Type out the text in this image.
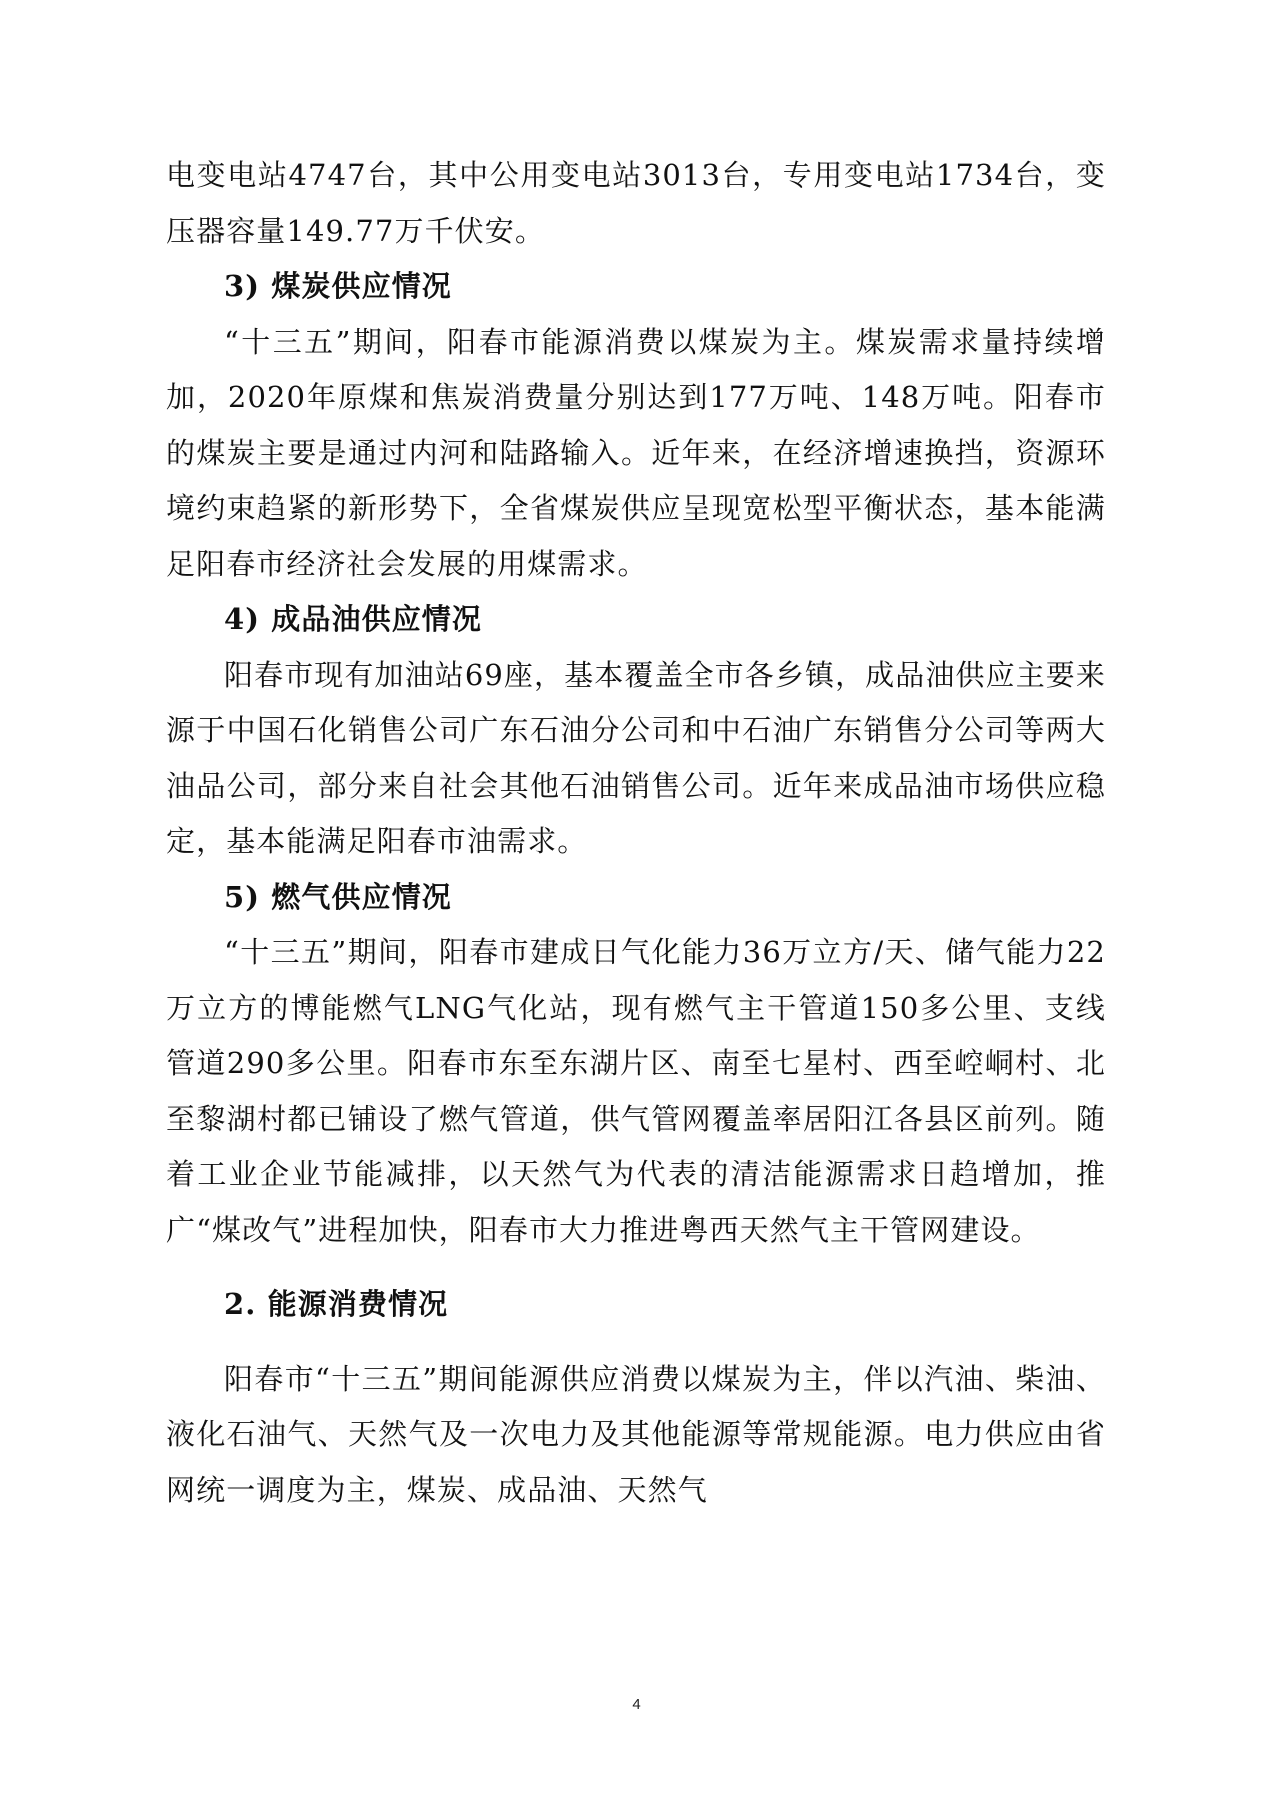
电变电站4747台，其中公用变电站3013台，专用变电站1734台，变压器容量149.77万千伏安。

3) 煤炭供应情况

“十三五”期间，阳春市能源消费以煤炭为主。煤炭需求量持续增加，2020年原煤和焦炭消费量分别达到177万吨、148万吨。阳春市的煤炭主要是通过内河和陆路输入。近年来，在经济增速换挡，资源环境约束趋紧的新形势下，全省煤炭供应呈现宽松型平衡状态，基本能满足阳春市经济社会发展的用煤需求。

4) 成品油供应情况

阳春市现有加油站69座，基本覆盖全市各乡镇，成品油供应主要来源于中国石化销售公司广东石油分公司和中石油广东销售分公司等两大油品公司，部分来自社会其他石油销售公司。近年来成品油市场供应稳定，基本能满足阳春市油需求。

5) 燃气供应情况

“十三五”期间，阳春市建成日气化能力36万立方/天、储气能力22万立方的博能燃气LNG气化站，现有燃气主干管道150多公里、支线管道290多公里。阳春市东至东湖片区、南至七星村、西至崆峒村、北至黎湖村都已铺设了燃气管道，供气管网覆盖率居阳江各县区前列。随着工业企业节能减排，以天然气为代表的清洁能源需求日趋增加，推广“煤改气”进程加快，阳春市大力推进粤西天然气主干管网建设。

2. 能源消费情况

阳春市“十三五”期间能源供应消费以煤炭为主，伴以汽油、柴油、液化石油气、天然气及一次电力及其他能源等常规能源。电力供应由省网统一调度为主，煤炭、成品油、天然气

4
